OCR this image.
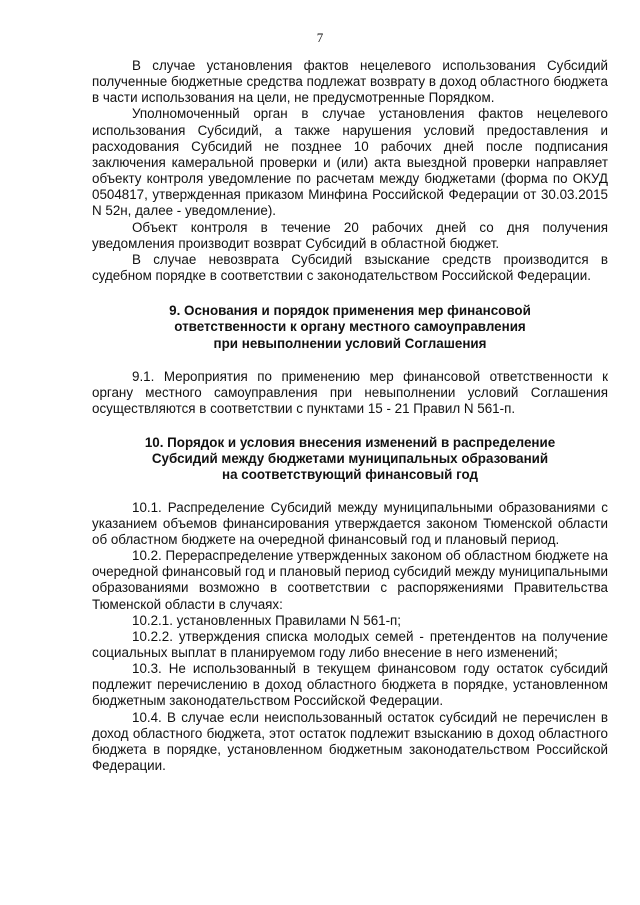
7

В случае установления фактов нецелевого использования Субсидий полученные бюджетные средства подлежат возврату в доход областного бюджета в части использования на цели, не предусмотренные Порядком.

Уполномоченный орган в случае установления фактов нецелевого использования Субсидий, а также нарушения условий предоставления и расходования Субсидий не позднее 10 рабочих дней после подписания заключения камеральной проверки и (или) акта выездной проверки направляет объекту контроля уведомление по расчетам между бюджетами (форма по ОКУД 0504817, утвержденная приказом Минфина Российской Федерации от 30.03.2015 N 52н, далее - уведомление).

Объект контроля в течение 20 рабочих дней со дня получения уведомления производит возврат Субсидий в областной бюджет.

В случае невозврата Субсидий взыскание средств производится в судебном порядке в соответствии с законодательством Российской Федерации.

9. Основания и порядок применения мер финансовой
ответственности к органу местного самоуправления
при невыполнении условий Соглашения

9.1. Мероприятия по применению мер финансовой ответственности к органу местного самоуправления при невыполнении условий Соглашения осуществляются в соответствии с пунктами 15 - 21 Правил N 561-п.

10. Порядок и условия внесения изменений в распределение
Субсидий между бюджетами муниципальных образований
на соответствующий финансовый год

10.1. Распределение Субсидий между муниципальными образованиями с указанием объемов финансирования утверждается законом Тюменской области об областном бюджете на очередной финансовый год и плановый период.

10.2. Перераспределение утвержденных законом об областном бюджете на очередной финансовый год и плановый период субсидий между муниципальными образованиями возможно в соответствии с распоряжениями Правительства Тюменской области в случаях:

10.2.1. установленных Правилами N 561-п;

10.2.2. утверждения списка молодых семей - претендентов на получение социальных выплат в планируемом году либо внесение в него изменений;

10.3. Не использованный в текущем финансовом году остаток субсидий подлежит перечислению в доход областного бюджета в порядке, установленном бюджетным законодательством Российской Федерации.

10.4. В случае если неиспользованный остаток субсидий не перечислен в доход областного бюджета, этот остаток подлежит взысканию в доход областного бюджета в порядке, установленном бюджетным законодательством Российской Федерации.
